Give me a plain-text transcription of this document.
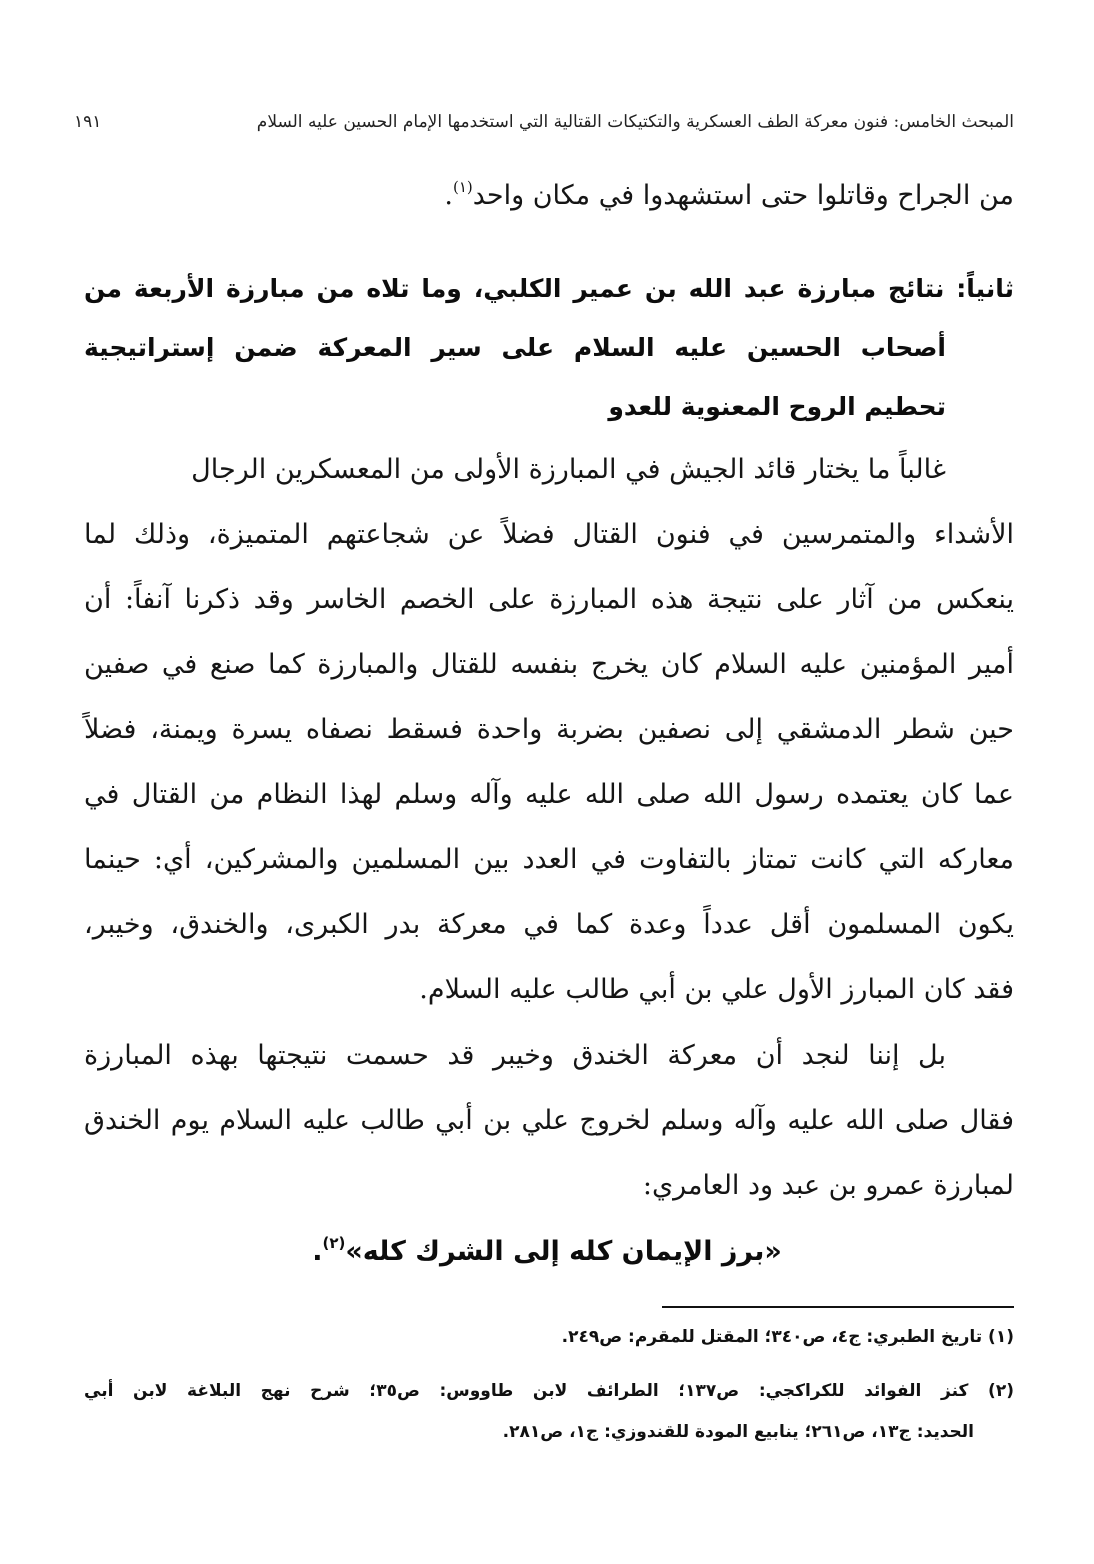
المبحث الخامس: فنون معركة الطف العسكرية والتكتيكات القتالية التي استخدمها الإمام الحسين عليه السلام
١٩١
من الجراح وقاتلوا حتى استشهدوا في مكان واحد$^{(١)}$.
ثانياً: نتائج مبارزة عبد الله بن عمير الكلبي، وما تلاه من مبارزة الأربعة من
أصحاب الحسين عليه السلام على سير المعركة ضمن إستراتيجية
تحطيم الروح المعنوية للعدو
غالباً ما يختار قائد الجيش في المبارزة الأولى من المعسكرين الرجال
الأشداء والمتمرسين في فنون القتال فضلاً عن شجاعتهم المتميزة، وذلك لما
ينعكس من آثار على نتيجة هذه المبارزة على الخصم الخاسر وقد ذكرنا آنفاً: أن
أمير المؤمنين عليه السلام كان يخرج بنفسه للقتال والمبارزة كما صنع في صفين
حين شطر الدمشقي إلى نصفين بضربة واحدة فسقط نصفاه يسرة ويمنة، فضلاً
عما كان يعتمده رسول الله صلى الله عليه وآله وسلم لهذا النظام من القتال في
معاركه التي كانت تمتاز بالتفاوت في العدد بين المسلمين والمشركين، أي: حينما
يكون المسلمون أقل عدداً وعدة كما في معركة بدر الكبرى، والخندق، وخيبر،
فقد كان المبارز الأول علي بن أبي طالب عليه السلام.
بل إننا لنجد أن معركة الخندق وخيبر قد حسمت نتيجتها بهذه المبارزة
فقال صلى الله عليه وآله وسلم لخروج علي بن أبي طالب عليه السلام يوم الخندق
لمبارزة عمرو بن عبد ود العامري:
«برز الإيمان كله إلى الشرك كله»$^{(٢)}$.
(١) تاريخ الطبري: ج٤، ص٣٤٠؛ المقتل للمقرم: ص٢٤٩.
(٢) كنز الفوائد للكراكجي: ص١٣٧؛ الطرائف لابن طاووس: ص٣٥؛ شرح نهج البلاغة لابن أبي
الحديد: ج١٣، ص٢٦١؛ ينابيع المودة للقندوزي: ج١، ص٢٨١.
